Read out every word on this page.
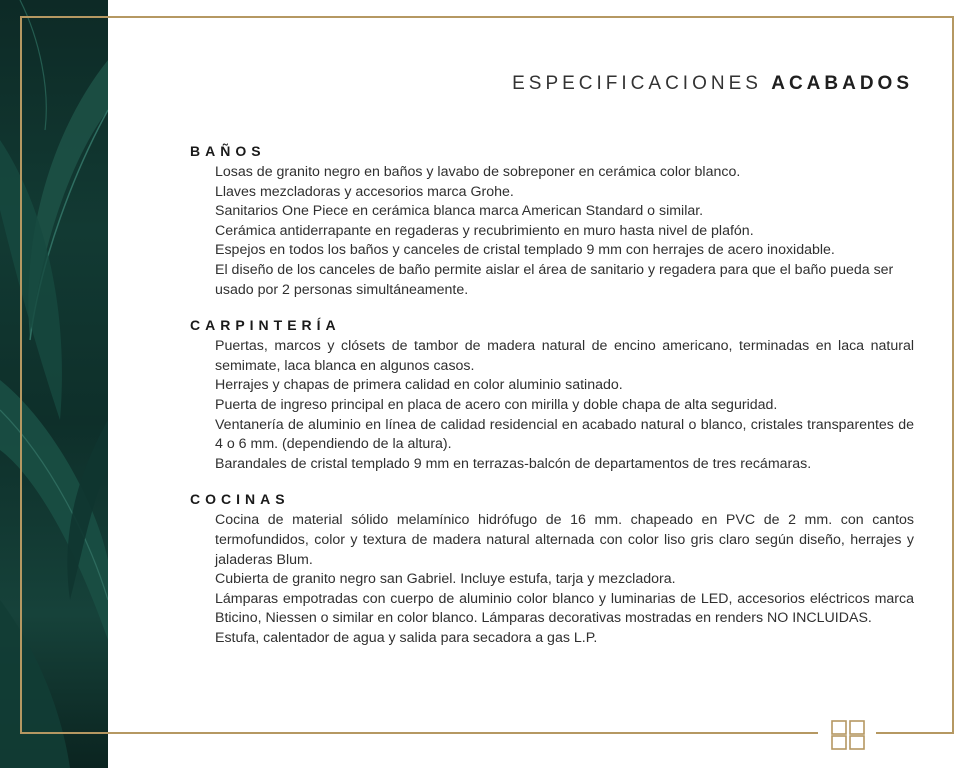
ESPECIFICACIONES ACABADOS
BAÑOS

Losas de granito negro en baños y lavabo de sobreponer en cerámica color blanco.

Llaves mezcladoras y accesorios marca Grohe.

Sanitarios One Piece en cerámica blanca marca American Standard o similar.

Cerámica antiderrapante en regaderas y recubrimiento en muro hasta nivel de plafón.

Espejos en todos los baños y canceles de cristal templado 9 mm con herrajes de acero inoxidable.

El diseño de los canceles de baño permite aislar el área de sanitario y regadera para que el baño pueda ser usado por 2 personas simultáneamente.

CARPINTERÍA

Puertas, marcos y clósets de tambor de madera natural de encino americano, terminadas en laca natural semimate, laca blanca en algunos casos.

Herrajes y chapas de primera calidad en color aluminio satinado.

Puerta de ingreso principal en placa de acero con mirilla y doble chapa de alta seguridad.

Ventanería de aluminio en línea de calidad residencial en acabado natural o blanco, cristales transparentes de 4 o 6 mm. (dependiendo de la altura).

Barandales de cristal templado 9 mm en terrazas-balcón de departamentos de tres recámaras.

COCINAS

Cocina de material sólido melamínico hidrófugo de 16 mm. chapeado en PVC de 2 mm. con cantos termofundidos, color y textura de madera natural alternada con color liso gris claro según diseño, herrajes y jaladeras Blum.

Cubierta de granito negro san Gabriel. Incluye estufa, tarja y mezcladora.

Lámparas empotradas con cuerpo de aluminio color blanco y luminarias de LED, accesorios eléctricos marca Bticino, Niessen o similar en color blanco. Lámparas decorativas mostradas en renders NO INCLUIDAS.

Estufa, calentador de agua y salida para secadora a gas L.P.
